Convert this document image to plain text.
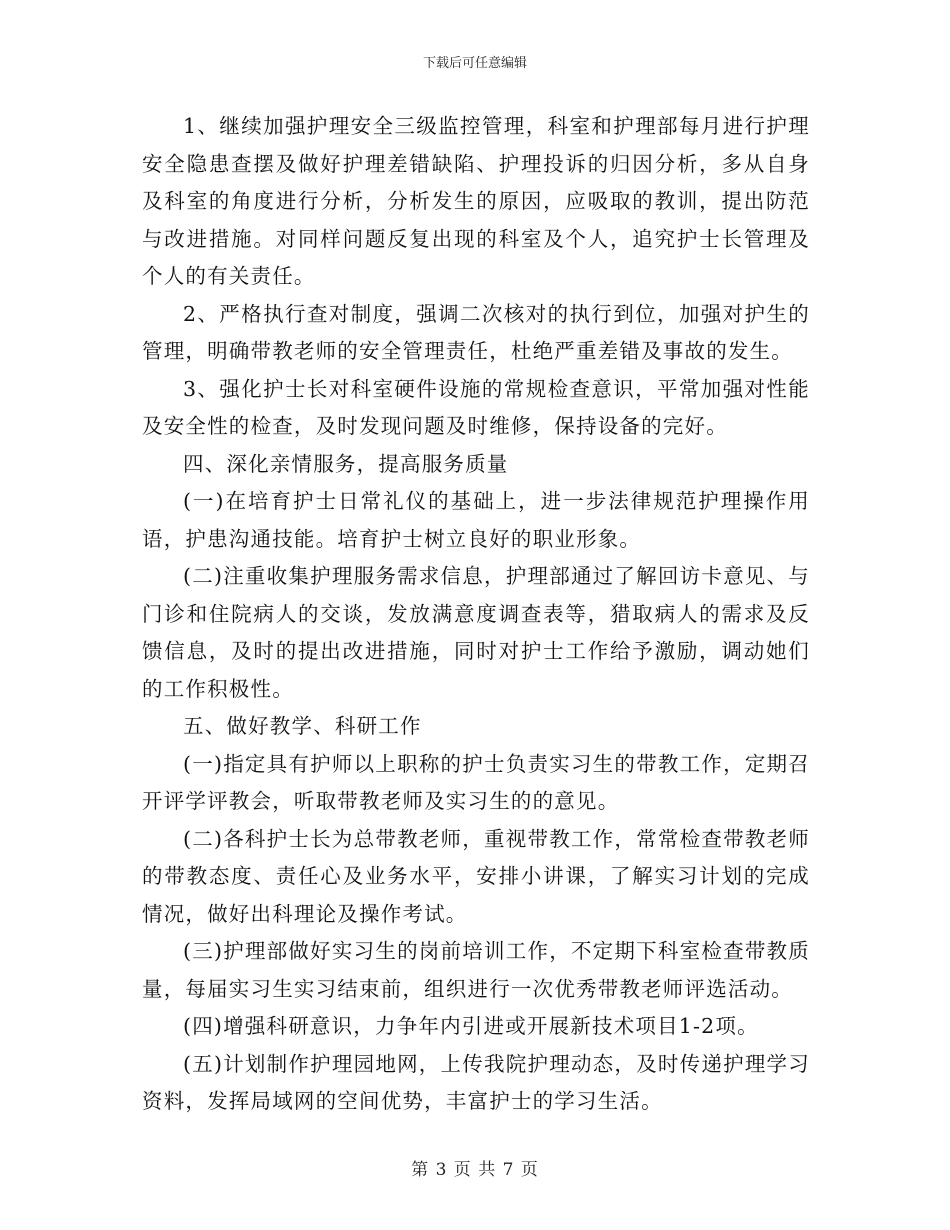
下载后可任意编辑

1、继续加强护理安全三级监控管理，科室和护理部每月进行护理安全隐患查摆及做好护理差错缺陷、护理投诉的归因分析，多从自身及科室的角度进行分析，分析发生的原因，应吸取的教训，提出防范与改进措施。对同样问题反复出现的科室及个人，追究护士长管理及个人的有关责任。

2、严格执行查对制度，强调二次核对的执行到位，加强对护生的管理，明确带教老师的安全管理责任，杜绝严重差错及事故的发生。

3、强化护士长对科室硬件设施的常规检查意识，平常加强对性能及安全性的检查，及时发现问题及时维修，保持设备的完好。

四、深化亲情服务，提高服务质量

(一)在培育护士日常礼仪的基础上，进一步法律规范护理操作用语，护患沟通技能。培育护士树立良好的职业形象。

(二)注重收集护理服务需求信息，护理部通过了解回访卡意见、与门诊和住院病人的交谈，发放满意度调查表等，猎取病人的需求及反馈信息，及时的提出改进措施，同时对护士工作给予激励，调动她们的工作积极性。

五、做好教学、科研工作

(一)指定具有护师以上职称的护士负责实习生的带教工作，定期召开评学评教会，听取带教老师及实习生的的意见。

(二)各科护士长为总带教老师，重视带教工作，常常检查带教老师的带教态度、责任心及业务水平，安排小讲课，了解实习计划的完成情况，做好出科理论及操作考试。

(三)护理部做好实习生的岗前培训工作，不定期下科室检查带教质量，每届实习生实习结束前，组织进行一次优秀带教老师评选活动。

(四)增强科研意识，力争年内引进或开展新技术项目1-2项。

(五)计划制作护理园地网，上传我院护理动态，及时传递护理学习资料，发挥局域网的空间优势，丰富护士的学习生活。

第 3 页 共 7 页
